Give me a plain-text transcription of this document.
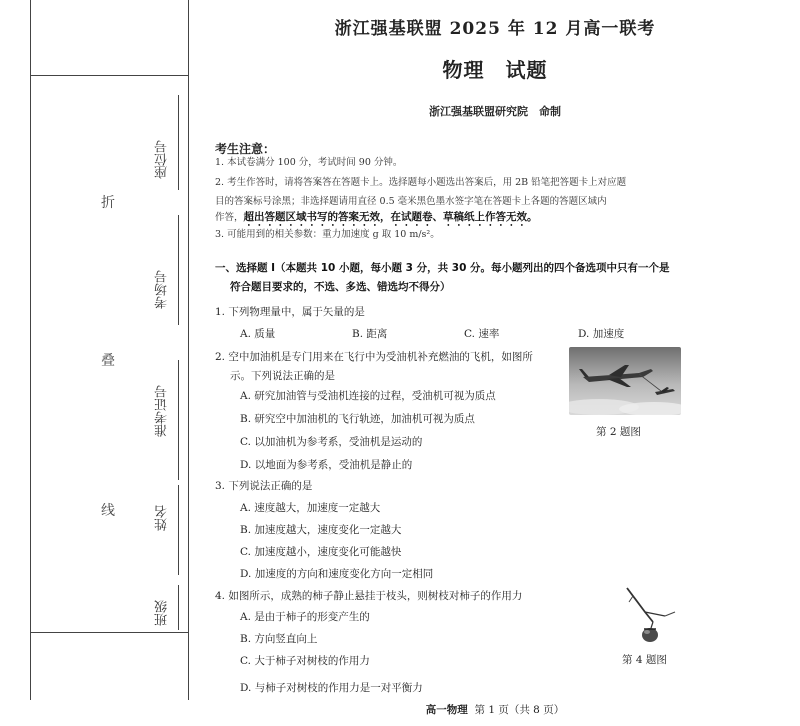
折
叠
线
座位号
考场号
准考证号
姓名
班级
浙江强基联盟 2025 年 12 月高一联考
物理　试题
浙江强基联盟研究院　命制
考生注意：
1. 本试卷满分 100 分，考试时间 90 分钟。
2. 考生作答时，请将答案答在答题卡上。选择题每小题选出答案后，用 2B 铅笔把答题卡上对应题
目的答案标号涂黑；非选择题请用直径 0.5 毫米黑色墨水签字笔在答题卡上各题的答题区域内
作答，超出答题区域书写的答案无效，在试题卷、草稿纸上作答无效。
3. 可能用到的相关参数：重力加速度 g 取 10 m/s²。
一、选择题 Ⅰ（本题共 10 小题，每小题 3 分，共 30 分。每小题列出的四个备选项中只有一个是
符合题目要求的，不选、多选、错选均不得分）
1. 下列物理量中，属于矢量的是
A. 质量	B. 距离	C. 速率	D. 加速度
2. 空中加油机是专门用来在飞行中为受油机补充燃油的飞机，如图所
示。下列说法正确的是
A. 研究加油管与受油机连接的过程，受油机可视为质点
B. 研究空中加油机的飞行轨迹，加油机可视为质点
C. 以加油机为参考系，受油机是运动的
D. 以地面为参考系，受油机是静止的
第 2 题图
3. 下列说法正确的是
A. 速度越大，加速度一定越大
B. 加速度越大，速度变化一定越大
C. 加速度越小，速度变化可能越快
D. 加速度的方向和速度变化方向一定相同
4. 如图所示，成熟的柿子静止悬挂于枝头，则树枝对柿子的作用力
A. 是由于柿子的形变产生的
B. 方向竖直向上
C. 大于柿子对树枝的作用力
D. 与柿子对树枝的作用力是一对平衡力
第 4 题图
高一物理 第 1 页（共 8 页）
